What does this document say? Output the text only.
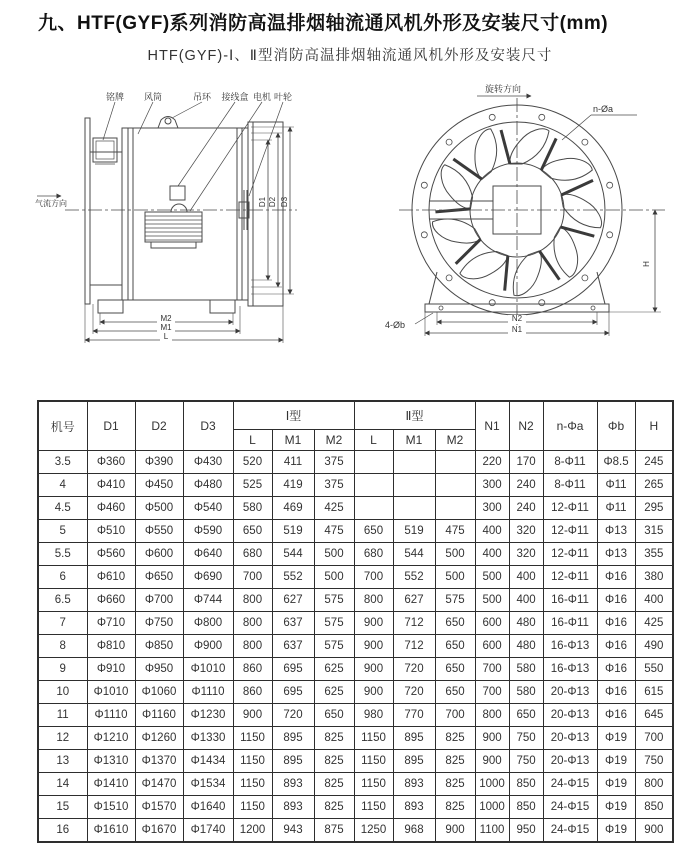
九、HTF(GYF)系列消防高温排烟轴流通风机外形及安装尺寸(mm)
HTF(GYF)-Ⅰ、Ⅱ型消防高温排烟轴流通风机外形及安装尺寸
铭牌 风筒	吊环 接线盒 电机 叶轮
气流方向	D1 D2 D3
M2
M1
L
旋转方向
n-Øa
4-Øb
N2
N1
H
机号	D1	D2	D3	Ⅰ型			Ⅱ型			N1	N2	n-Φa	Φb	H
				L	M1	M2	L	M1	M2					
3.5	Φ360	Φ390	Φ430	520	411	375				220	170	8-Φ11	Φ8.5	245
4	Φ410	Φ450	Φ480	525	419	375				300	240	8-Φ11	Φ11	265
4.5	Φ460	Φ500	Φ540	580	469	425				300	240	12-Φ11	Φ11	295
5	Φ510	Φ550	Φ590	650	519	475	650	519	475	400	320	12-Φ11	Φ13	315
5.5	Φ560	Φ600	Φ640	680	544	500	680	544	500	400	320	12-Φ11	Φ13	355
6	Φ610	Φ650	Φ690	700	552	500	700	552	500	500	400	12-Φ11	Φ16	380
6.5	Φ660	Φ700	Φ744	800	627	575	800	627	575	500	400	16-Φ11	Φ16	400
7	Φ710	Φ750	Φ800	800	637	575	900	712	650	600	480	16-Φ11	Φ16	425
8	Φ810	Φ850	Φ900	800	637	575	900	712	650	600	480	16-Φ13	Φ16	490
9	Φ910	Φ950	Φ1010	860	695	625	900	720	650	700	580	16-Φ13	Φ16	550
10	Φ1010	Φ1060	Φ1110	860	695	625	900	720	650	700	580	20-Φ13	Φ16	615
11	Φ1110	Φ1160	Φ1230	900	720	650	980	770	700	800	650	20-Φ13	Φ16	645
12	Φ1210	Φ1260	Φ1330	1150	895	825	1150	895	825	900	750	20-Φ13	Φ19	700
13	Φ1310	Φ1370	Φ1434	1150	895	825	1150	895	825	900	750	20-Φ13	Φ19	750
14	Φ1410	Φ1470	Φ1534	1150	893	825	1150	893	825	1000	850	24-Φ15	Φ19	800
15	Φ1510	Φ1570	Φ1640	1150	893	825	1150	893	825	1000	850	24-Φ15	Φ19	850
16	Φ1610	Φ1670	Φ1740	1200	943	875	1250	968	900	1100	950	24-Φ15	Φ19	900
